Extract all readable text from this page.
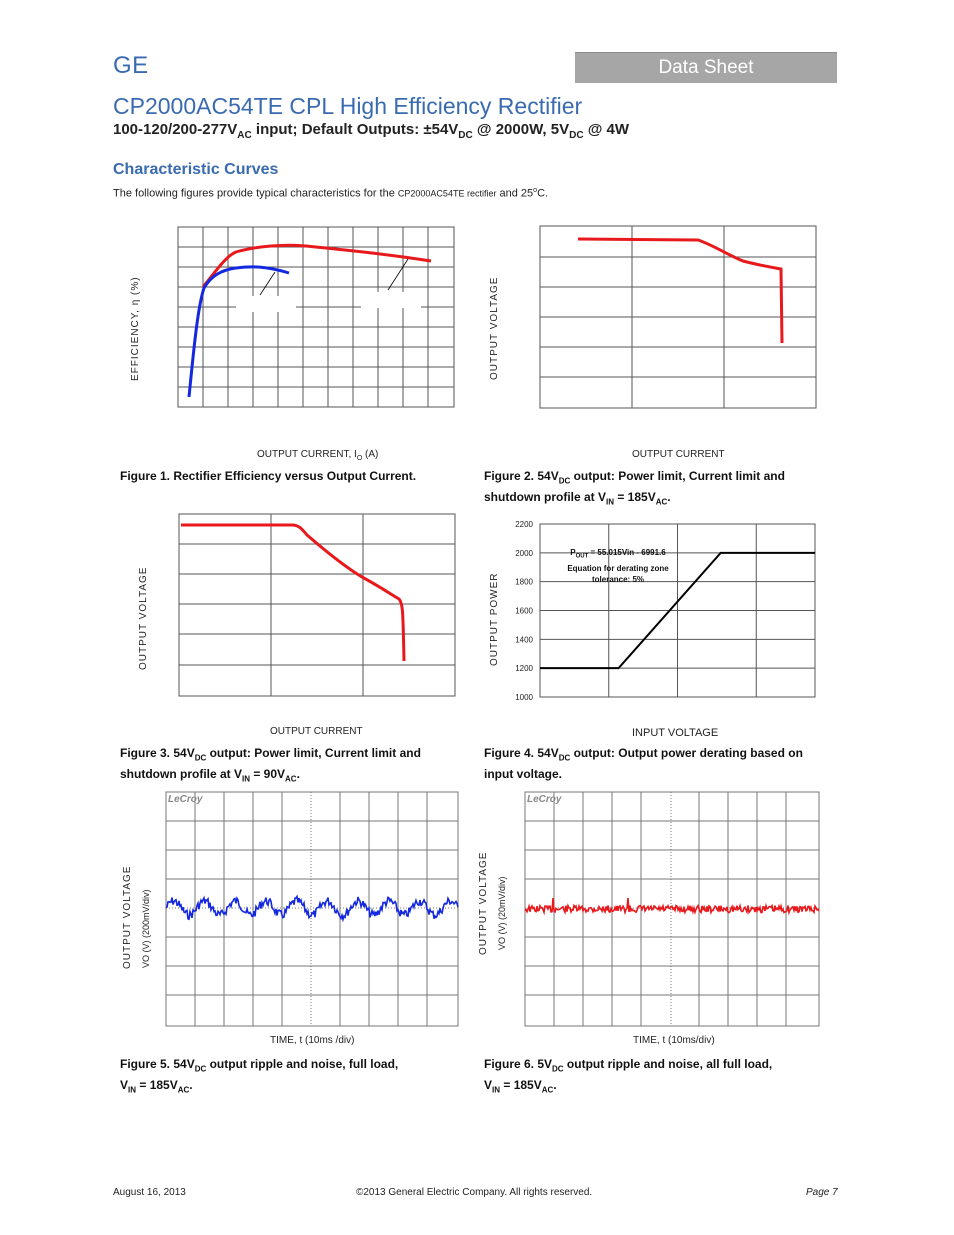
GE	Data Sheet
CP2000AC54TE CPL High Efficiency Rectifier
$100-120/200-277V_{AC}$ input; Default Outputs: $\pm 54V_{DC}$ @ 2000W, $5V_{DC}$ @ 4W
Characteristic Curves
The following figures provide typical characteristics for the CP2000AC54TE rectifier and 25$^o$C.
EFFICIENCY, η (%)
OUTPUT CURRENT, $I_O$ (A)
Figure 1. Rectifier Efficiency versus Output Current.
OUTPUT VOLTAGE
OUTPUT CURRENT
Figure 2. $54V_{DC}$ output: Power limit, Current limit and shutdown profile at $V_{IN} = 185V_{AC}$.
OUTPUT VOLTAGE
OUTPUT CURRENT
Figure 3. $54V_{DC}$ output: Power limit, Current limit and shutdown profile at $V_{IN} = 90V_{AC}$.
1000
1200
1400
1600
1800
2000
2200
$P_{OUT} = 55.015Vin - 6991.6$
Equation for derating zone
tolerance: 5%
OUTPUT POWER
INPUT VOLTAGE
Figure 4. $54V_{DC}$ output: Output power derating based on input voltage.
LeCroy
OUTPUT VOLTAGE VO (V) (200mV/div)
TIME, t (10ms /div)
Figure 5. $54V_{DC}$ output ripple and noise, full load,
$V_{IN} = 185V_{AC}$.
LeCroy
OUTPUT VOLTAGE VO (V) (20mV/div)
TIME, t (10ms/div)
Figure 6. $5V_{DC}$ output ripple and noise, all full load,
$V_{IN} = 185V_{AC}$.
August 16, 2013	©2013 General Electric Company. All rights reserved.	Page 7
